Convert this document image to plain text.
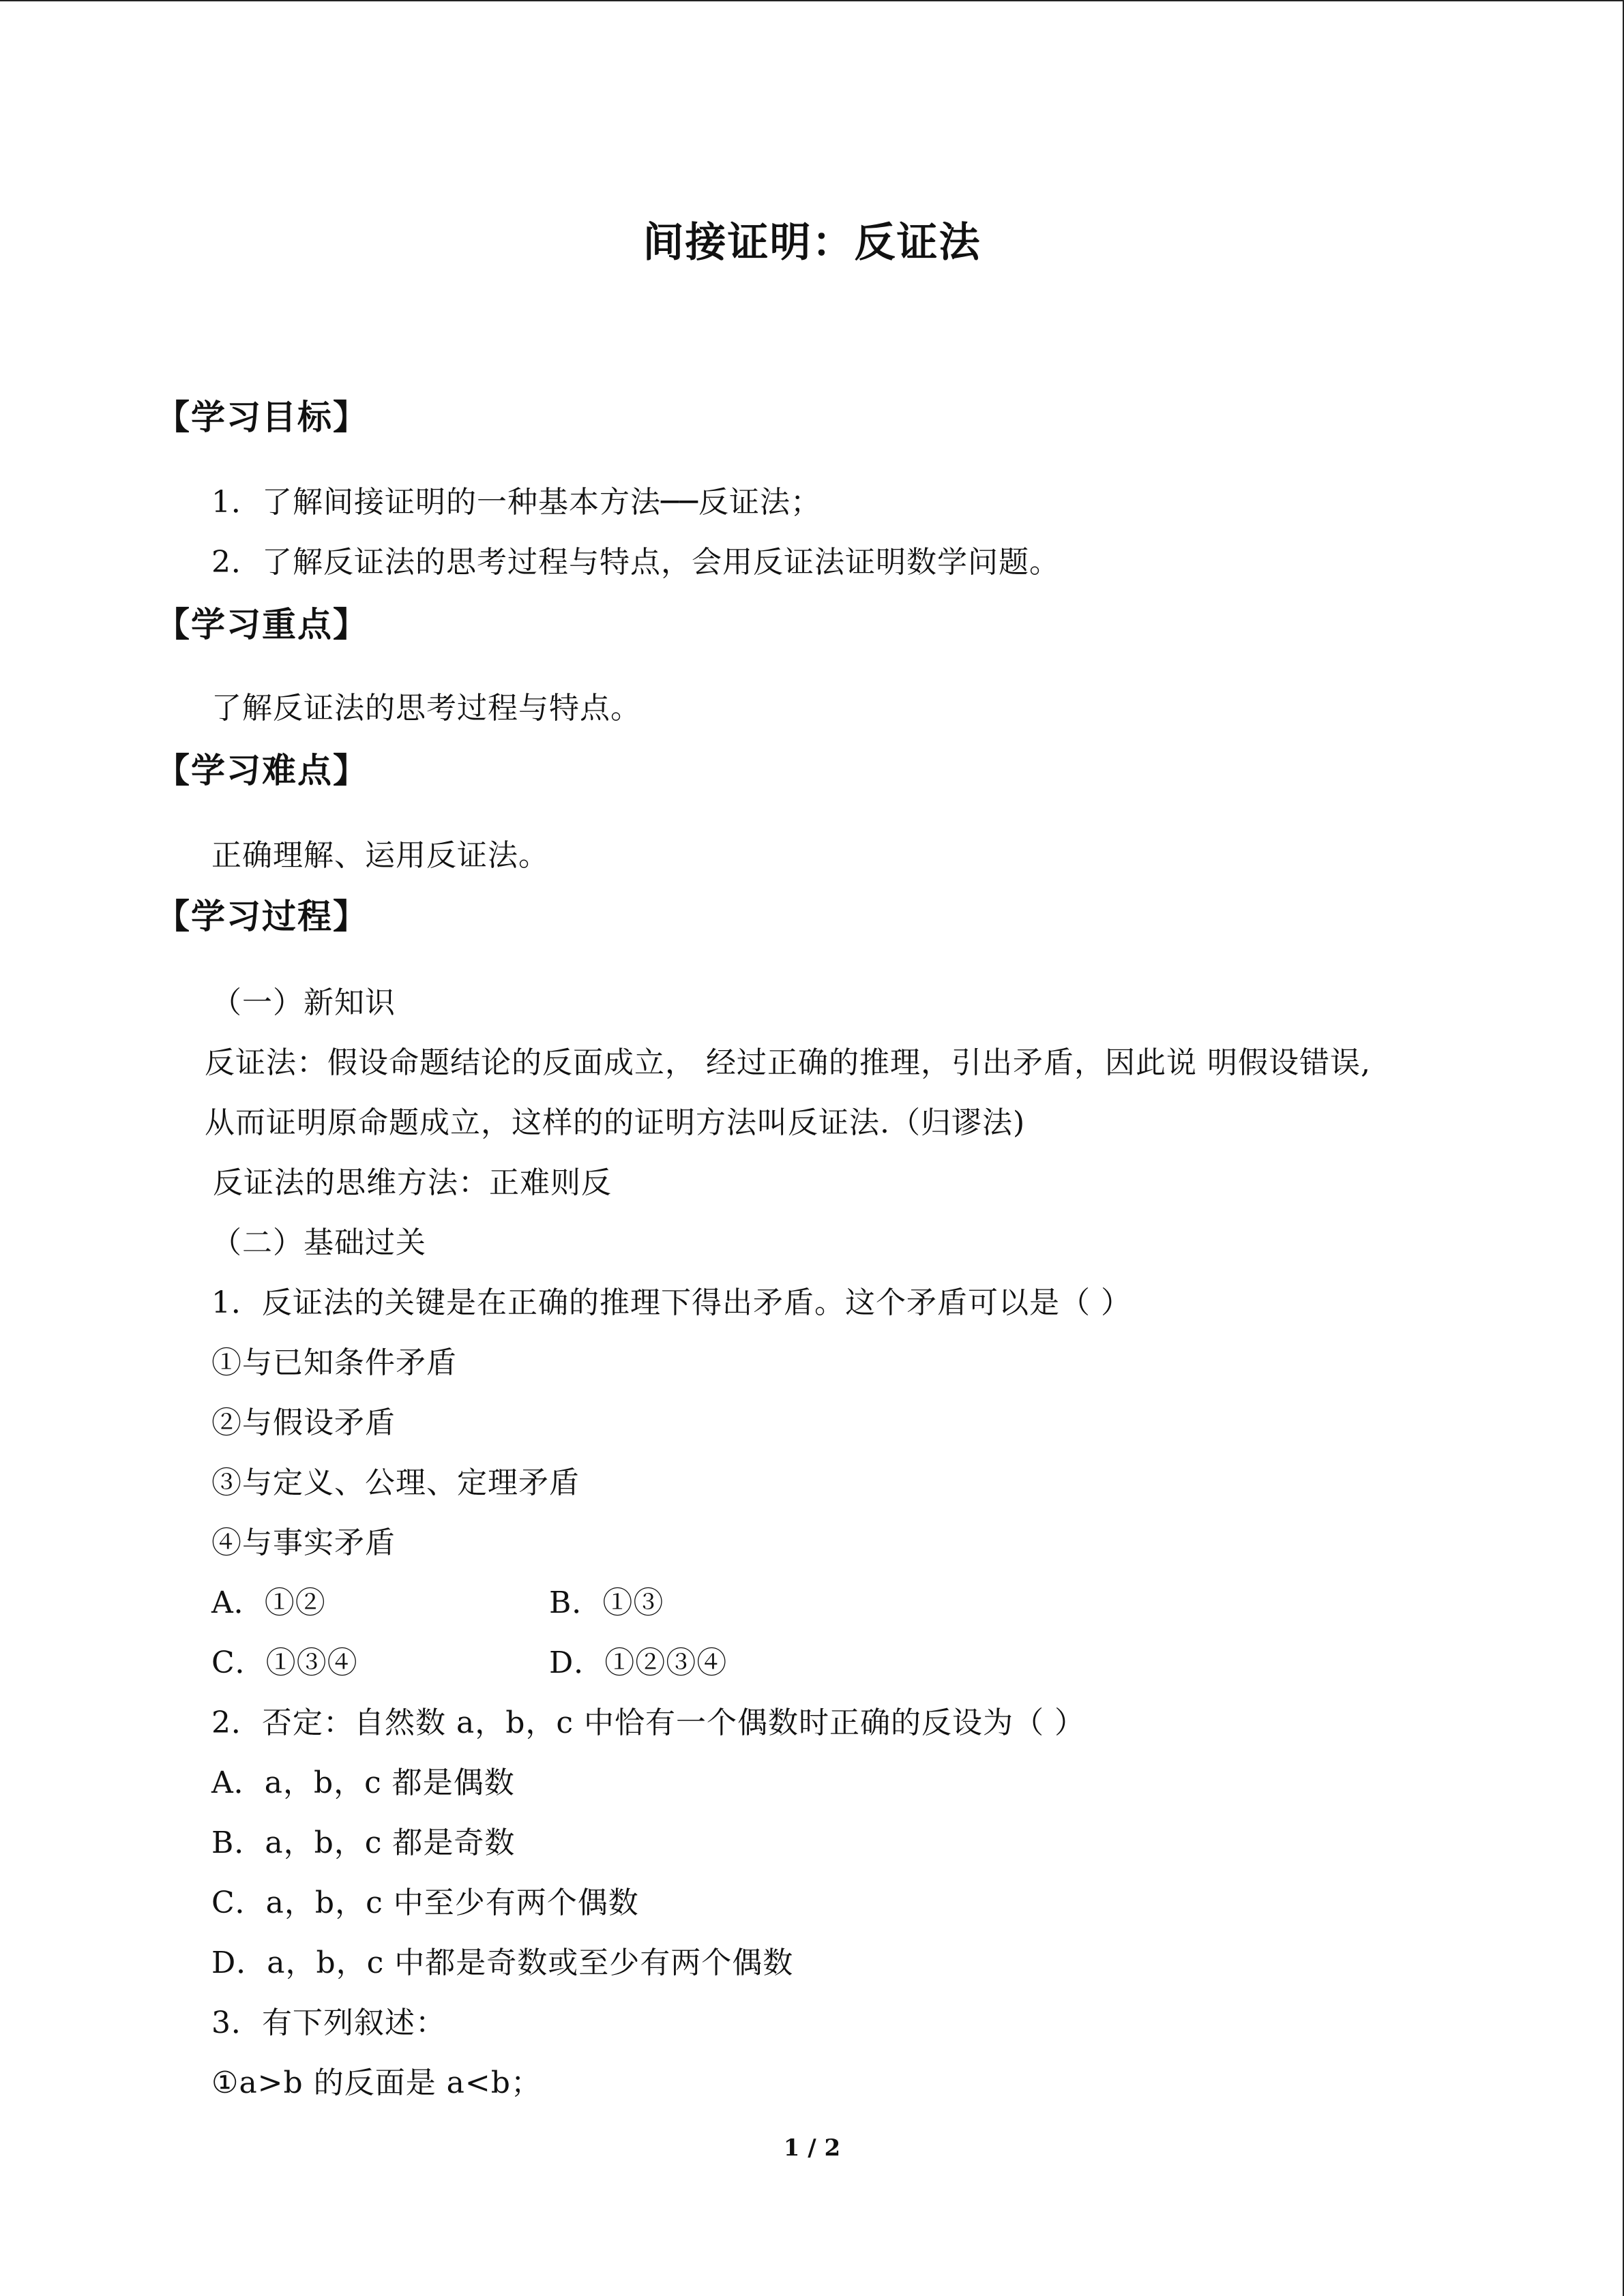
间接证明：反证法
【学习目标】
1．了解间接证明的一种基本方法──反证法；
2．了解反证法的思考过程与特点，会用反证法证明数学问题。
【学习重点】
了解反证法的思考过程与特点。
【学习难点】
正确理解、运用反证法。
【学习过程】
（一）新知识
反证法：假设命题结论的反面成立， 经过正确的推理，引出矛盾，因此说 明假设错误,
从而证明原命题成立，这样的的证明方法叫反证法.（归谬法)
反证法的思维方法：正难则反
（二）基础过关
1．反证法的关键是在正确的推理下得出矛盾。这个矛盾可以是（ ）
①与已知条件矛盾
②与假设矛盾
③与定义、公理、定理矛盾
④与事实矛盾
A．①②	B．①③
C．①③④	D．①②③④
2．否定：自然数 a，b，c 中恰有一个偶数时正确的反设为（ ）
A．a，b，c 都是偶数
B．a，b，c 都是奇数
C．a，b，c 中至少有两个偶数
D．a，b，c 中都是奇数或至少有两个偶数
3．有下列叙述：
①a>b 的反面是 a<b；
1 / 2
